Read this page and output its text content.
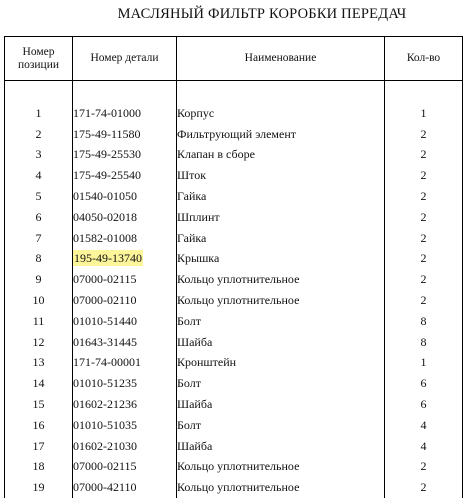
МАСЛЯНЫЙ ФИЛЬТР КОРОБКИ ПЕРЕДАЧ
Номер
позиции	Номер детали	Наименование	Кол-во

1	171-74-01000	Корпус	1
2	175-49-11580	Фильтрующий элемент	2
3	175-49-25530	Клапан в сборе	2
4	175-49-25540	Шток	2
5	01540-01050	Гайка	2
6	04050-02018	Шплинт	2
7	01582-01008	Гайка	2
8	195-49-13740	Крышка	2
9	07000-02115	Кольцо уплотнительное	2
10	07000-02110	Кольцо уплотнительное	2
11	01010-51440	Болт	8
12	01643-31445	Шайба	8
13	171-74-00001	Кронштейн	1
14	01010-51235	Болт	6
15	01602-21236	Шайба	6
16	01010-51035	Болт	4
17	01602-21030	Шайба	4
18	07000-02115	Кольцо уплотнительное	2
19	07000-42110	Кольцо уплотнительное	2
